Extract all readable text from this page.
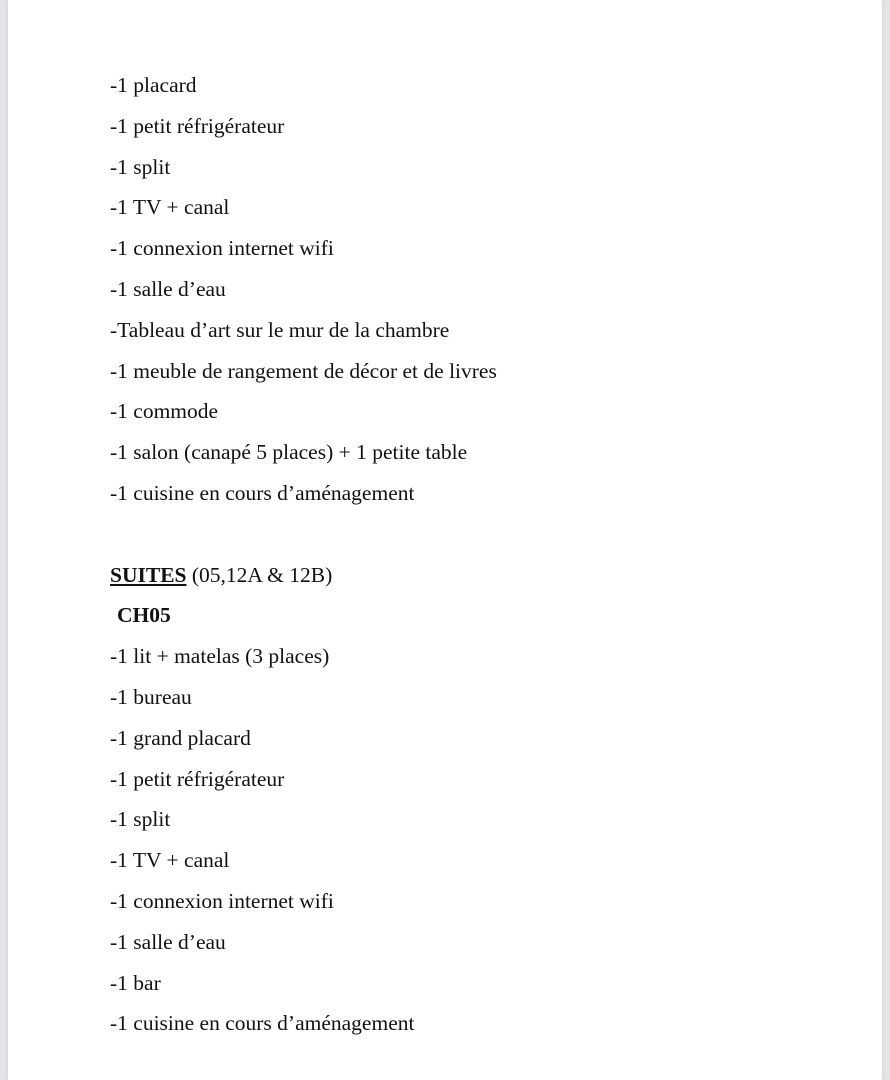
-1 placard
-1 petit réfrigérateur
-1 split
-1 TV + canal
-1 connexion internet wifi
-1 salle d’eau
-Tableau d’art sur le mur de la chambre
-1 meuble de rangement de décor et de livres
-1 commode
-1 salon (canapé 5 places) + 1 petite table
-1 cuisine en cours d’aménagement
SUITES (05,12A & 12B)
CH05
-1 lit + matelas (3 places)
-1 bureau
-1 grand placard
-1 petit réfrigérateur
-1 split
-1 TV + canal
-1 connexion internet wifi
-1 salle d’eau
-1 bar
-1 cuisine en cours d’aménagement
